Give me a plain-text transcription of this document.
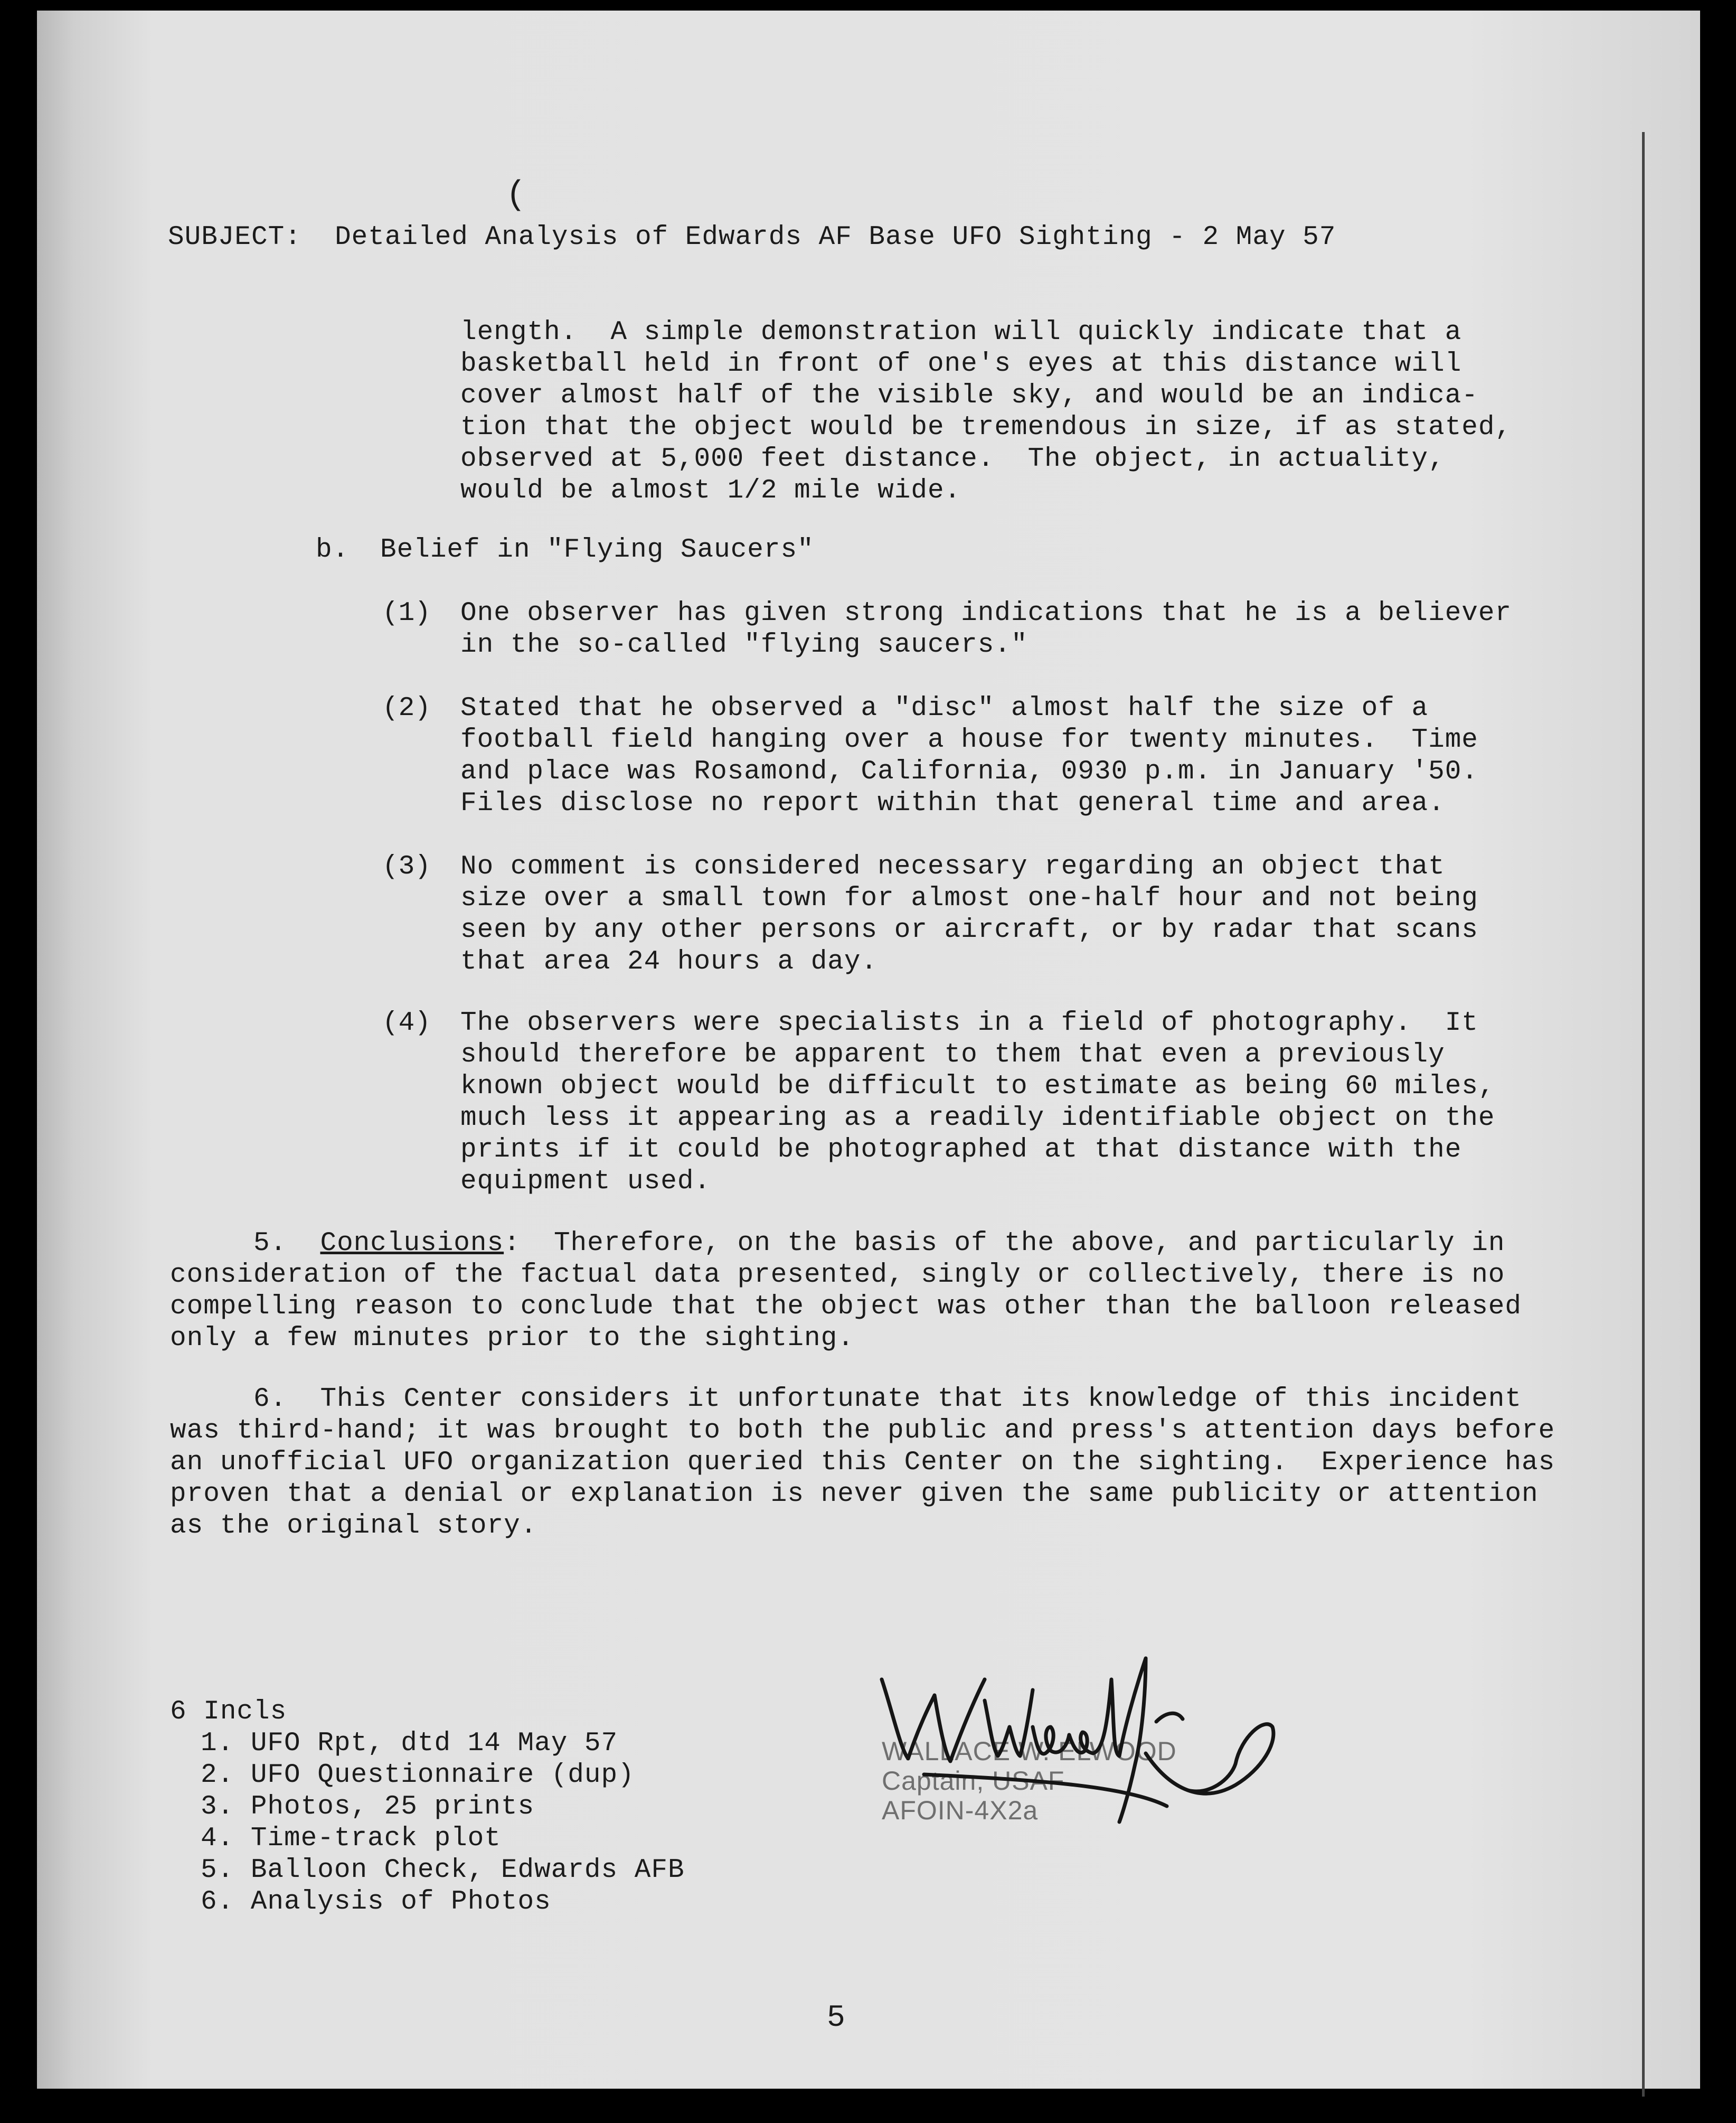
(
SUBJECT: Detailed Analysis of Edwards AF Base UFO Sighting - 2 May 57
length.  A simple demonstration will quickly indicate that a
basketball held in front of one's eyes at this distance will
cover almost half of the visible sky, and would be an indica-
tion that the object would be tremendous in size, if as stated,
observed at 5,000 feet distance.  The object, in actuality,
would be almost 1/2 mile wide.
b. Belief in "Flying Saucers"
(1) One observer has given strong indications that he is a believer
in the so-called "flying saucers."
(2) Stated that he observed a "disc" almost half the size of a
football field hanging over a house for twenty minutes.  Time
and place was Rosamond, California, 0930 p.m. in January '50.
Files disclose no report within that general time and area.
(3) No comment is considered necessary regarding an object that
size over a small town for almost one-half hour and not being
seen by any other persons or aircraft, or by radar that scans
that area 24 hours a day.
(4) The observers were specialists in a field of photography.  It
should therefore be apparent to them that even a previously
known object would be difficult to estimate as being 60 miles,
much less it appearing as a readily identifiable object on the
prints if it could be photographed at that distance with the
equipment used.
5. Conclusions:  Therefore, on the basis of the above, and particularly in
consideration of the factual data presented, singly or collectively, there is no
compelling reason to conclude that the object was other than the balloon released
only a few minutes prior to the sighting.
6.  This Center considers it unfortunate that its knowledge of this incident
was third-hand; it was brought to both the public and press's attention days before
an unofficial UFO organization queried this Center on the sighting.  Experience has
proven that a denial or explanation is never given the same publicity or attention
as the original story.
6 Incls
1. UFO Rpt, dtd 14 May 57
2. UFO Questionnaire (dup)
3. Photos, 25 prints
4. Time-track plot
5. Balloon Check, Edwards AFB
6. Analysis of Photos
WALLACE W. ELWOOD
Captain, USAF
AFOIN-4X2a
5
